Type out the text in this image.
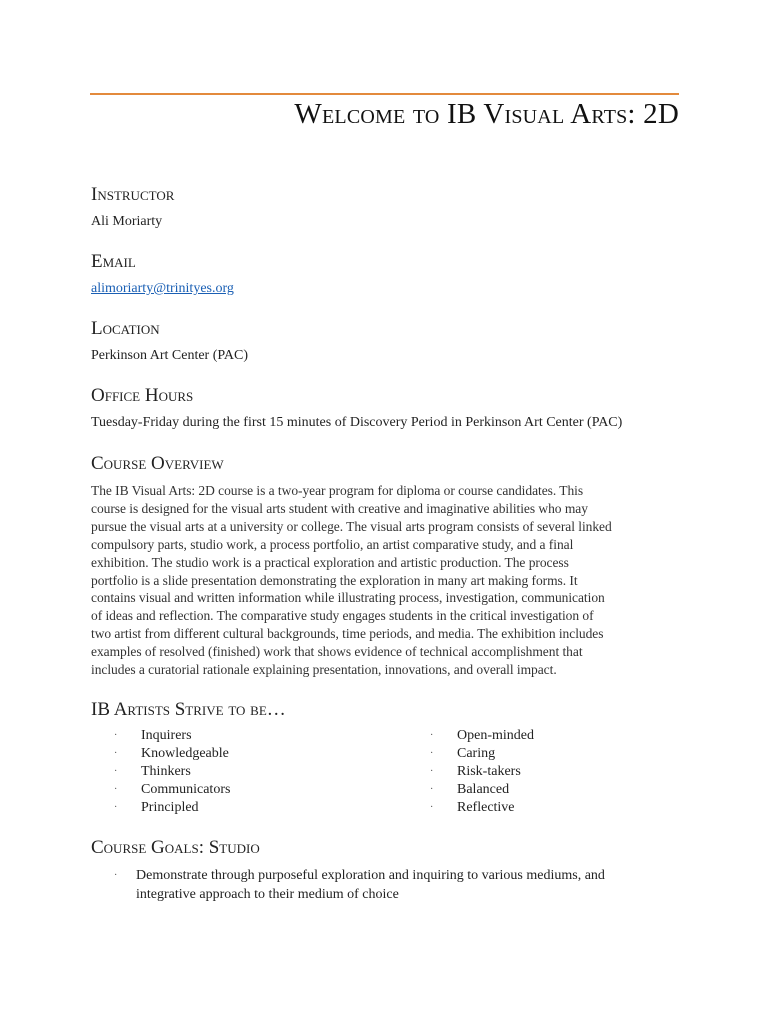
Welcome to IB Visual Arts: 2D
Instructor

Ali Moriarty

Email

alimoriarty@trinityes.org

Location

Perkinson Art Center (PAC)

Office Hours

Tuesday-Friday during the first 15 minutes of Discovery Period in Perkinson Art Center (PAC)

Course Overview

The IB Visual Arts: 2D course is a two-year program for diploma or course candidates. This
course is designed for the visual arts student with creative and imaginative abilities who may
pursue the visual arts at a university or college. The visual arts program consists of several linked
compulsory parts, studio work, a process portfolio, an artist comparative study, and a final
exhibition. The studio work is a practical exploration and artistic production. The process
portfolio is a slide presentation demonstrating the exploration in many art making forms. It
contains visual and written information while illustrating process, investigation, communication
of ideas and reflection. The comparative study engages students in the critical investigation of
two artist from different cultural backgrounds, time periods, and media. The exhibition includes
examples of resolved (finished) work that shows evidence of technical accomplishment that
includes a curatorial rationale explaining presentation, innovations, and overall impact.

IB Artists Strive to be…
· Inquirers
· Knowledgeable
· Thinkers
· Communicators
· Principled
· Open-minded
· Caring
· Risk-takers
· Balanced
· Reflective
Course Goals: Studio
· Demonstrate through purposeful exploration and inquiring to various mediums, and
integrative approach to their medium of choice
